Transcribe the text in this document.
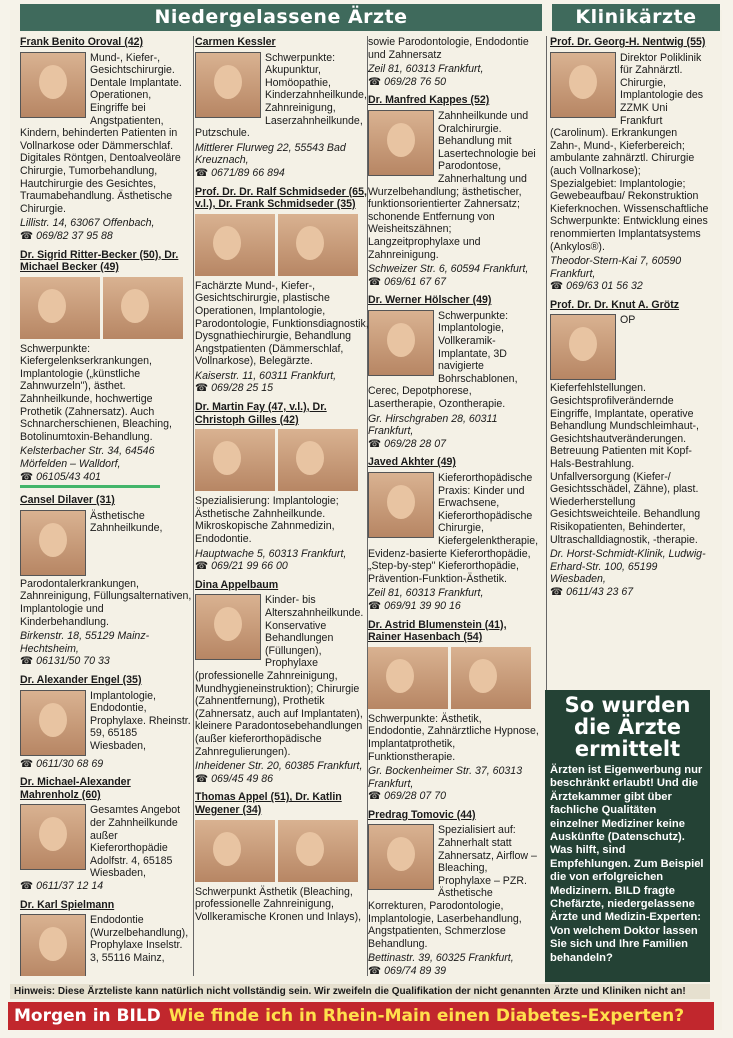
Niedergelassene Ärzte	Klinikärzte
Frank Benito Oroval (42)
Mund-, Kiefer-, Gesichtschirurgie. Dentale Implantate. Operationen, Eingriffe bei Angstpatienten, Kindern, behinderten Patienten in Vollnarkose oder Dämmerschlaf. Digitales Röntgen, Dentoalveoläre Chirurgie, Tumorbehandlung, Hautchirurgie des Gesichtes, Traumabehandlung. Ästhetische Chirurgie.
Lillistr. 14, 63067 Offenbach,
☎ 069/82 37 95 88
Dr. Sigrid Ritter-Becker (50), Dr. Michael Becker (49)
Schwerpunkte: Kiefergelenkserkrankungen, Implantologie („künstliche Zahnwurzeln"), ästhet. Zahnheilkunde, hochwertige Prothetik (Zahnersatz). Auch Schnarcherschienen, Bleaching, Botolinumtoxin-Behandlung.
Kelsterbacher Str. 34, 64546 Mörfelden – Walldorf,
☎ 06105/43 401
Cansel Dilaver (31)
Ästhetische Zahnheilkunde, Parodontalerkrankungen, Zahnreinigung, Füllungsalternativen, Implantologie und Kinderbehandlung.
Birkenstr. 18, 55129 Mainz-Hechtsheim,
☎ 06131/50 70 33
Dr. Alexander Engel (35)
Implantologie, Endodontie, Prophylaxe. Rheinstr. 59, 65185 Wiesbaden,
☎ 0611/30 68 69
Dr. Michael-Alexander Mahrenholz (60)
Gesamtes Angebot der Zahnheilkunde außer Kieferorthopädie Adolfstr. 4, 65185 Wiesbaden,
☎ 0611/37 12 14
Dr. Karl Spielmann
Endodontie (Wurzelbehandlung), Prophylaxe Inselstr. 3, 55116 Mainz,
Carmen Kessler
Schwerpunkte: Akupunktur, Homöopathie, Kinderzahnheilkunde, Zahnreinigung, Laserzahnheilkunde, Putzschule.
Mittlerer Flurweg 22, 55543 Bad Kreuznach,
☎ 0671/89 66 894
Prof. Dr. Dr. Ralf Schmidseder (65, v.l.), Dr. Frank Schmidseder (35)
Fachärzte Mund-, Kiefer-, Gesichtschirurgie, plastische Operationen, Implantologie, Parodontologie, Funktionsdiagnostik, Dysgnathiechirurgie, Behandlung Angstpatienten (Dämmerschlaf, Vollnarkose), Belegärzte.
Kaiserstr. 11, 60311 Frankfurt,
☎ 069/28 25 15
Dr. Martin Fay (47, v.l.), Dr. Christoph Gilles (42)
Spezialisierung: Implantologie; Ästhetische Zahnheilkunde. Mikroskopische Zahnmedizin, Endodontie.
Hauptwache 5, 60313 Frankfurt,
☎ 069/21 99 66 00
Dina Appelbaum
Kinder- bis Alterszahnheilkunde. Konservative Behandlungen (Füllungen), Prophylaxe (professionelle Zahnreinigung, Mundhygieneinstruktion); Chirurgie (Zahnentfernung), Prothetik (Zahnersatz, auch auf Implantaten), kleinere Paradontosebehandlungen (außer kieferorthopädische Zahnregulierungen).
Inheidener Str. 20, 60385 Frankfurt,
☎ 069/45 49 86
Thomas Appel (51), Dr. Katlin Wegener (34)
Schwerpunkt Ästhetik (Bleaching, professionelle Zahnreinigung, Vollkeramische Kronen und Inlays),
sowie Parodontologie, Endodontie und Zahnersatz
Zeil 81, 60313 Frankfurt,
☎ 069/28 76 50
Dr. Manfred Kappes (52)
Zahnheilkunde und Oralchirurgie. Behandlung mit Lasertechnologie bei Parodontose, Zahnerhaltung und Wurzelbehandlung; ästhetischer, funktionsorientierter Zahnersatz; schonende Entfernung von Weisheitszähnen; Langzeitprophylaxe und Zahnreinigung.
Schweizer Str. 6, 60594 Frankfurt,
☎ 069/61 67 67
Dr. Werner Hölscher (49)
Schwerpunkte: Implantologie, Vollkeramik-Implantate, 3D navigierte Bohrschablonen, Cerec, Depotphorese, Lasertherapie, Ozontherapie.
Gr. Hirschgraben 28, 60311 Frankfurt,
☎ 069/28 28 07
Javed Akhter (49)
Kieferorthopädische Praxis: Kinder und Erwachsene, Kieferorthopädische Chirurgie, Kiefergelenktherapie, Evidenz-basierte Kieferorthopädie, „Step-by-step" Kieferorthopädie, Prävention-Funktion-Ästhetik.
Zeil 81, 60313 Frankfurt,
☎ 069/91 39 90 16
Dr. Astrid Blumenstein (41), Rainer Hasenbach (54)
Schwerpunkte: Ästhetik, Endodontie, Zahnärztliche Hypnose, Implantatprothetik, Funktionstherapie.
Gr. Bockenheimer Str. 37, 60313 Frankfurt,
☎ 069/28 07 70
Predrag Tomovic (44)
Spezialisiert auf: Zahnerhalt statt Zahnersatz, Airflow – Bleaching, Prophylaxe – PZR. Ästhetische Korrekturen, Parodontologie, Implantologie, Laserbehandlung, Angstpatienten, Schmerzlose Behandlung.
Bettinastr. 39, 60325 Frankfurt,
☎ 069/74 89 39
Prof. Dr. Georg-H. Nentwig (55)
Direktor Poliklinik für Zahnärztl. Chirurgie, Implantologie des ZZMK Uni Frankfurt (Carolinum). Erkrankungen Zahn-, Mund-, Kieferbereich; ambulante zahnärztl. Chirurgie (auch Vollnarkose); Spezialgebiet: Implantologie; Gewebeaufbau/ Rekonstruktion Kieferknochen. Wissenschaftliche Schwerpunkte: Entwicklung eines renommierten Implantatsystems (Ankylos®).
Theodor-Stern-Kai 7, 60590 Frankfurt,
☎ 069/63 01 56 32
Prof. Dr. Dr. Knut A. Grötz
OP Kieferfehlstellungen. Gesichtsprofilverändernde Eingriffe, Implantate, operative Behandlung Mundschleimhaut-, Gesichtshautveränderungen. Betreuung Patienten mit Kopf-Hals-Bestrahlung. Unfallversorgung (Kiefer-/ Gesichtsschädel, Zähne), plast. Wiederherstellung Gesichtsweichteile. Behandlung Risikopatienten, Behinderter, Ultraschalldiagnostik, -therapie.
Dr. Horst-Schmidt-Klinik, Ludwig-Erhard-Str. 100, 65199 Wiesbaden,
☎ 0611/43 23 67
So wurden die Ärzte ermittelt

Ärzten ist Eigenwerbung nur beschränkt erlaubt! Und die Ärztekammer gibt über fachliche Qualitäten einzelner Mediziner keine Auskünfte (Datenschutz). Was hilft, sind Empfehlungen. Zum Beispiel die von erfolgreichen Medizinern. BILD fragte Chefärzte, niedergelassene Ärzte und Medizin-Experten: Von welchem Doktor lassen Sie sich und Ihre Familien behandeln?

Hinweis: Diese Ärzteliste kann natürlich nicht vollständig sein. Wir zweifeln die Qualifikation der nicht genannten Ärzte und Kliniken nicht an!
Morgen in BILD Wie finde ich in Rhein-Main einen Diabetes-Experten?
